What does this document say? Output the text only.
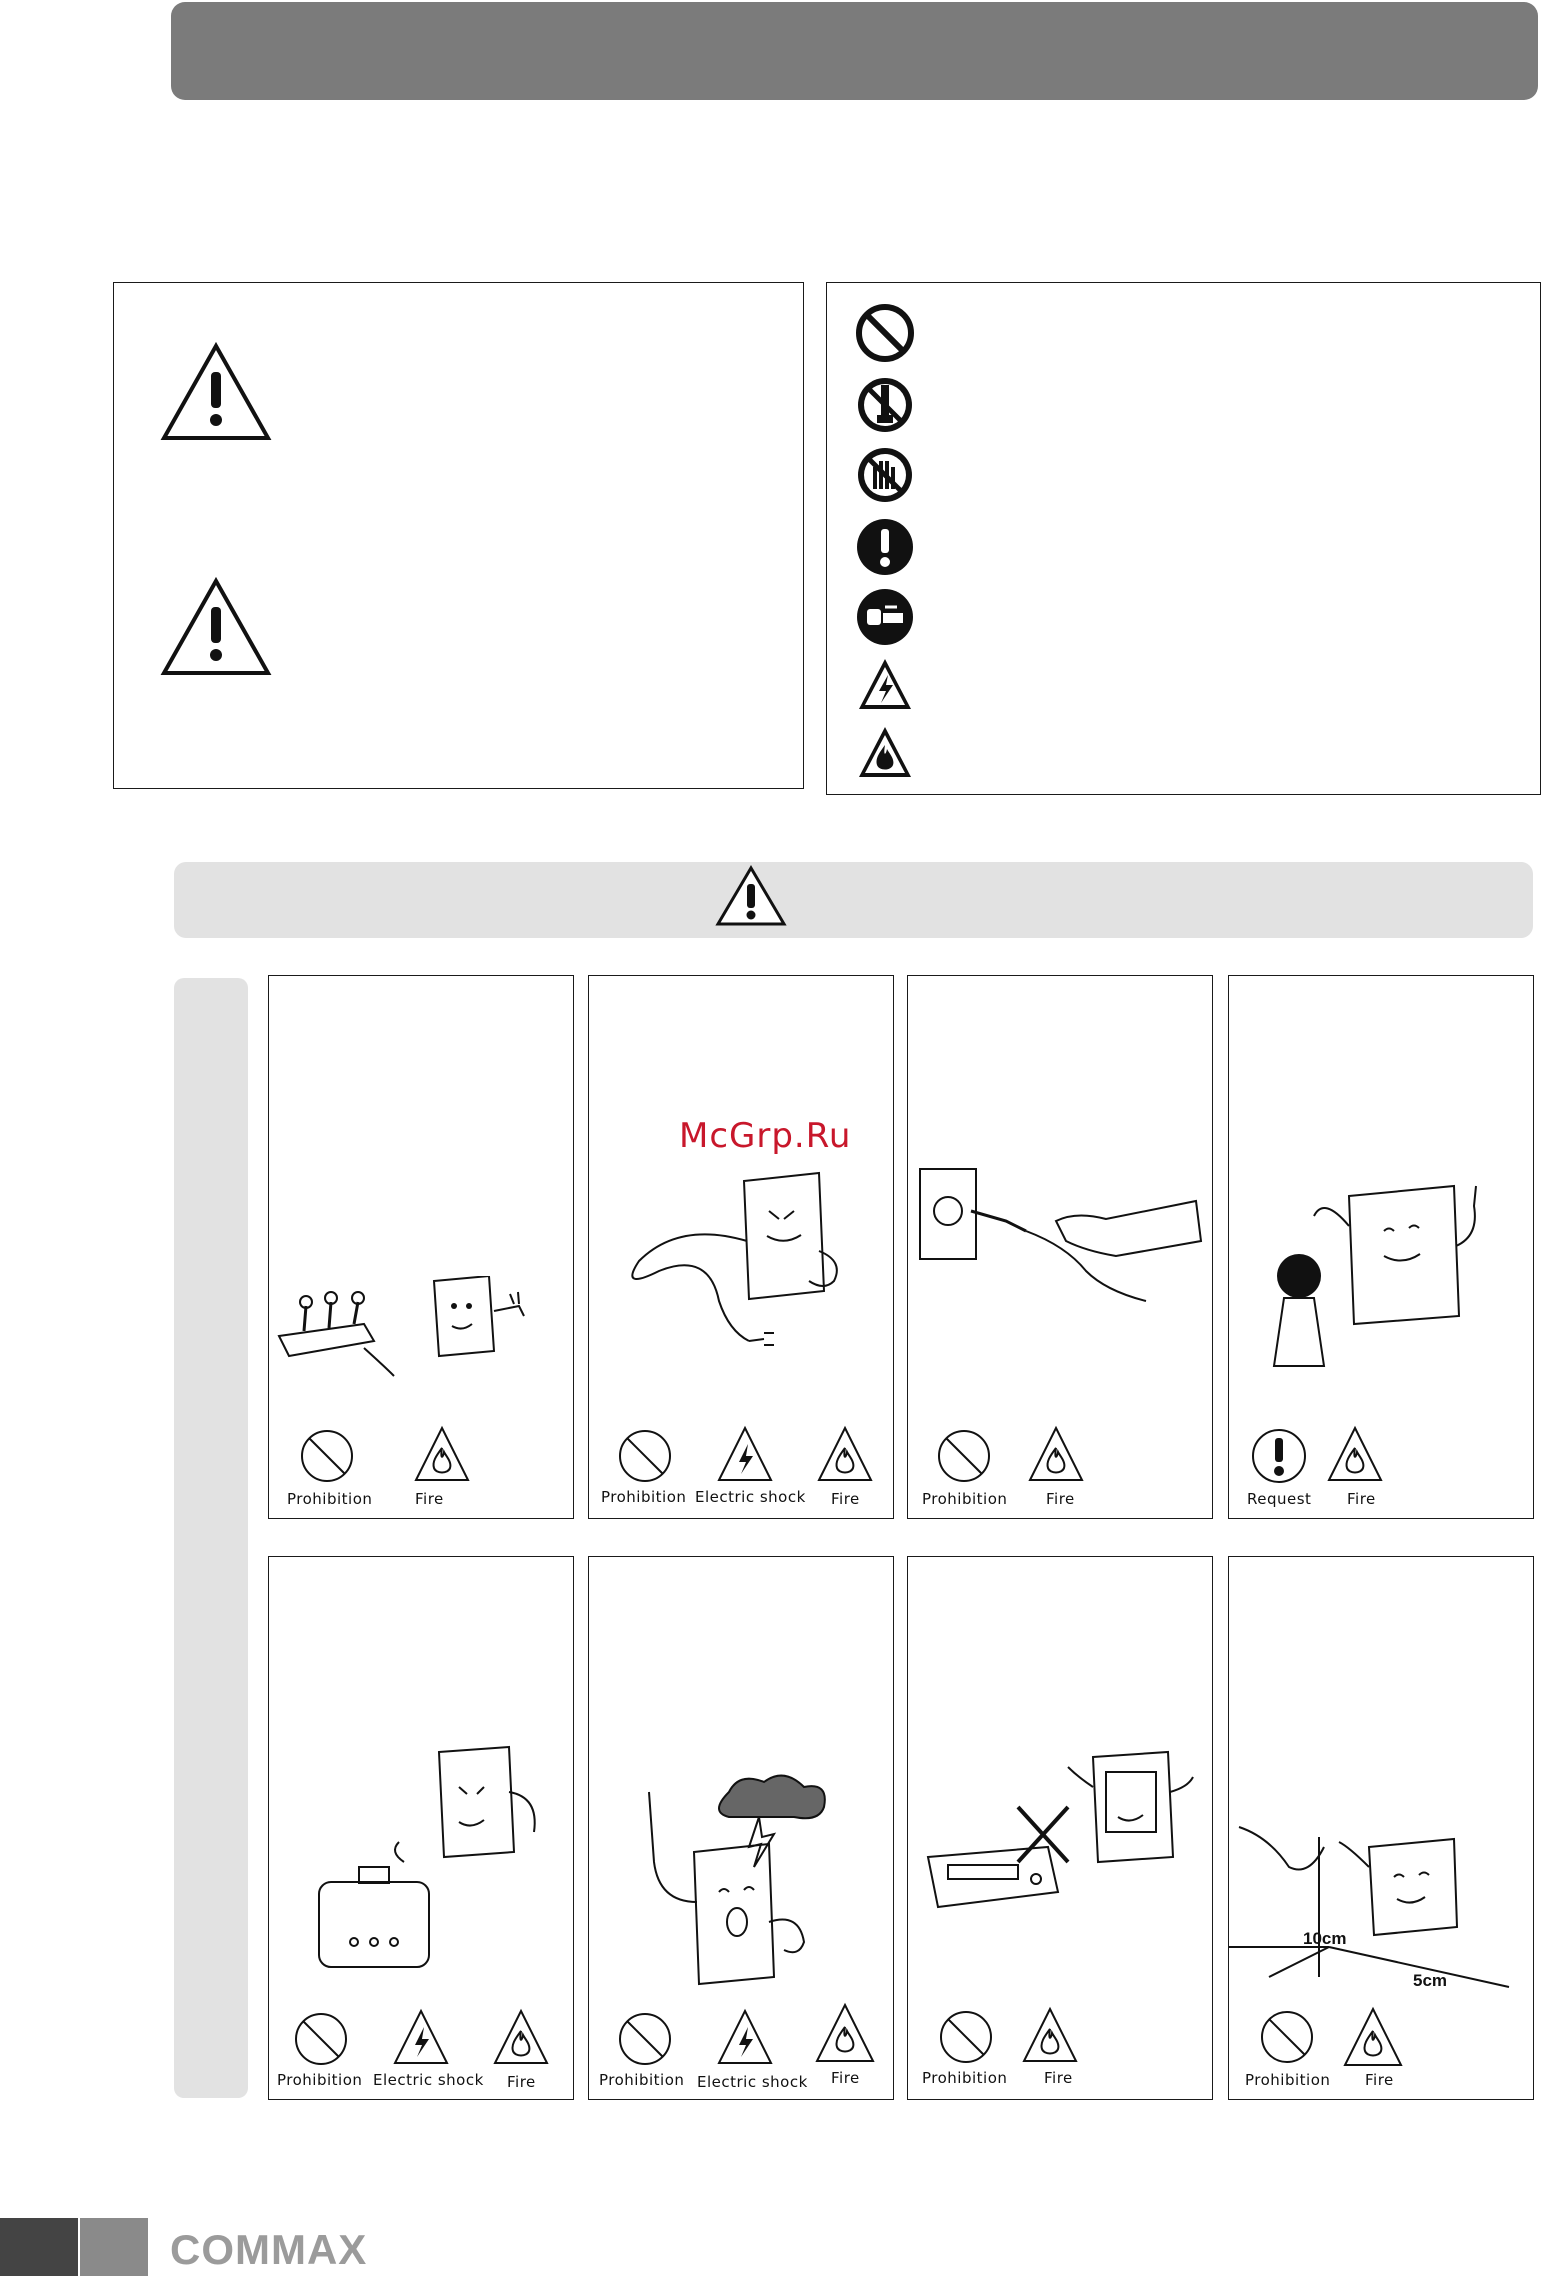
Prohibition	Fire
McGrp.Ru
Prohibition Electric shock Fire	Prohibition	Fire	Request Fire
Prohibition Electric shock Fire	Prohibition Electric shock Fire	Prohibition Fire
10cm
5cm
Prohibition Fire
COMMAX
